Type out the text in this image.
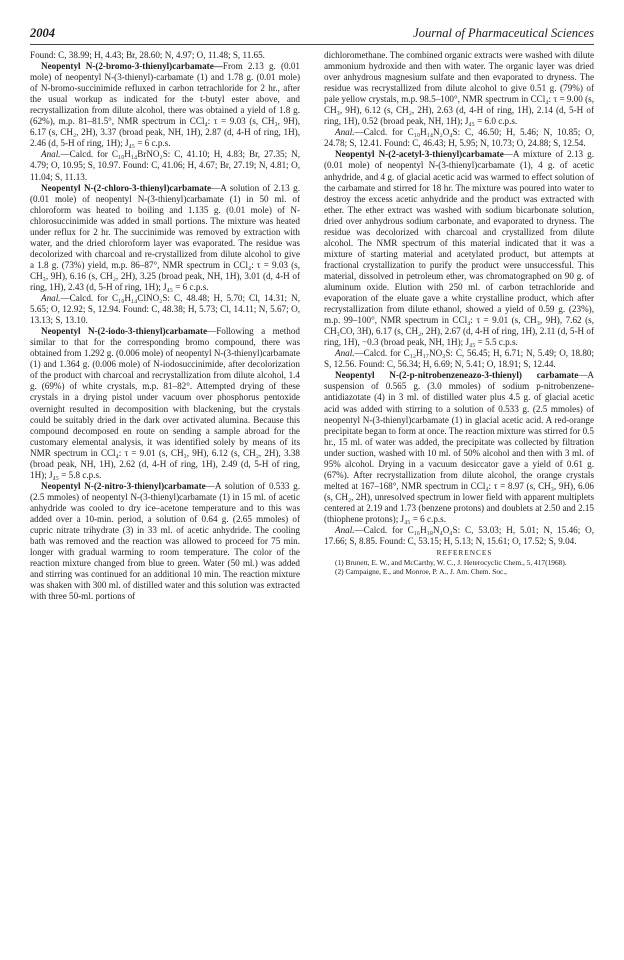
2004	Journal of Pharmaceutical Sciences

Found: C, 38.99; H, 4.43; Br, 28.60; N, 4.97; O, 11.48; S, 11.65.

Neopentyl N-(2-bromo-3-thienyl)carbamate—From 2.13 g. (0.01 mole) of neopentyl N-(3-thienyl)-carbamate (1) and 1.78 g. (0.01 mole) of N-bromo-succinimide refluxed in carbon tetrachloride for 2 hr., after the usual workup as indicated for the t-butyl ester above, and recrystallization from dilute alcohol, there was obtained a yield of 1.8 g. (62%), m.p. 81–81.5°, NMR spectrum in CCl₄: τ = 9.03 (s, CH₃, 9H), 6.17 (s, CH₂, 2H), 3.37 (broad peak, NH, 1H), 2.87 (d, 4-H of ring, 1H), 2.46 (d, 5-H of ring, 1H); J₄₅ = 6 c.p.s.

Anal.—Calcd. for C₁₀H₁₄BrNO₂S: C, 41.10; H, 4.83; Br, 27.35; N, 4.79; O, 10.95; S, 10.97. Found: C, 41.06; H, 4.67; Br, 27.19; N, 4.81; O, 11.04; S, 11.13.

Neopentyl N-(2-chloro-3-thienyl)carbamate—A solution of 2.13 g. (0.01 mole) of neopentyl N-(3-thienyl)carbamate (1) in 50 ml. of chloroform was heated to boiling and 1.135 g. (0.01 mole) of N-chlorosuccinimide was added in small portions. The mixture was heated under reflux for 2 hr. The succinimide was removed by extraction with water, and the dried chloroform layer was evaporated. The residue was decolorized with charcoal and re-crystallized from dilute alcohol to give a 1.8 g. (73%) yield, m.p. 86–87°, NMR spectrum in CCl₄: τ = 9.03 (s, CH₃, 9H), 6.16 (s, CH₂, 2H), 3.25 (broad peak, NH, 1H), 3.01 (d, 4-H of ring, 1H), 2.43 (d, 5-H of ring, 1H); J₄₅ = 6 c.p.s.

Anal.—Calcd. for C₁₀H₁₄ClNO₂S: C, 48.48; H, 5.70; Cl, 14.31; N, 5.65; O, 12.92; S, 12.94. Found: C, 48.38; H, 5.73; Cl, 14.11; N, 5.67; O, 13.13; S, 13.10.

Neopentyl N-(2-iodo-3-thienyl)carbamate—Following a method similar to that for the corresponding bromo compound, there was obtained from 1.292 g. (0.006 mole) of neopentyl N-(3-thienyl)carbamate (1) and 1.364 g. (0.006 mole) of N-iodosuccinimide, after decolorization of the product with charcoal and recrystallization from dilute alcohol, 1.4 g. (69%) of white crystals, m.p. 81–82°. Attempted drying of these crystals in a drying pistol under vacuum over phosphorus pentoxide overnight resulted in decomposition with blackening, but the crystals could be suitably dried in the dark over activated alumina. Because this compound decomposed en route on sending a sample abroad for the customary elemental analysis, it was identified solely by means of its NMR spectrum in CCl₄: τ = 9.01 (s, CH₃, 9H), 6.12 (s, CH₂, 2H), 3.38 (broad peak, NH, 1H), 2.62 (d, 4-H of ring, 1H), 2.49 (d, 5-H of ring, 1H); J₄₅ = 5.8 c.p.s.

Neopentyl N-(2-nitro-3-thienyl)carbamate—A solution of 0.533 g. (2.5 mmoles) of neopentyl N-(3-thienyl)carbamate (1) in 15 ml. of acetic anhydride was cooled to dry ice–acetone temperature and to this was added over a 10-min. period, a solution of 0.64 g. (2.65 mmoles) of cupric nitrate trihydrate (3) in 33 ml. of acetic anhydride. The cooling bath was removed and the reaction was allowed to proceed for 75 min. longer with gradual warming to room temperature. The color of the reaction mixture changed from blue to green. Water (50 ml.) was added and stirring was continued for an additional 10 min. The reaction mixture was shaken with 300 ml. of distilled water and this solution was extracted with three 50-ml. portions of

dichloromethane. The combined organic extracts were washed with dilute ammonium hydroxide and then with water. The organic layer was dried over anhydrous magnesium sulfate and then evaporated to dryness. The residue was recrystallized from dilute alcohol to give 0.51 g. (79%) of pale yellow crystals, m.p. 98.5–100°, NMR spectrum in CCl₄: τ = 9.00 (s, CH₃, 9H), 6.12 (s, CH₂, 2H), 2.63 (d, 4-H of ring, 1H), 2.14 (d, 5-H of ring, 1H), 0.52 (broad peak, NH, 1H); J₄₅ = 6.0 c.p.s.

Anal.—Calcd. for C₁₀H₁₄N₂O₄S: C, 46.50; H, 5.46; N, 10.85; O, 24.78; S, 12.41. Found: C, 46.43; H, 5.95; N, 10.73; O, 24.88; S, 12.54.

Neopentyl N-(2-acetyl-3-thienyl)carbamate—A mixture of 2.13 g. (0.01 mole) of neopentyl N-(3-thienyl)carbamate (1), 4 g. of acetic anhydride, and 4 g. of glacial acetic acid was warmed to effect solution of the carbamate and stirred for 18 hr. The mixture was poured into water to destroy the excess acetic anhydride and the product was extracted with ether. The ether extract was washed with sodium bicarbonate solution, dried over anhydrous sodium carbonate, and evaporated to dryness. The residue was decolorized with charcoal and crystallized from dilute alcohol. The NMR spectrum of this material indicated that it was a mixture of starting material and acetylated product, but attempts at fractional crystallization to purify the product were unsuccessful. This material, dissolved in petroleum ether, was chromatographed on 90 g. of aluminum oxide. Elution with 250 ml. of carbon tetrachloride and evaporation of the eluate gave a white crystalline product, which after recrystallization from dilute ethanol, showed a yield of 0.59 g. (23%), m.p. 99–100°, NMR spectrum in CCl₄: τ = 9.01 (s, CH₃, 9H), 7.62 (s, CH₃CO, 3H), 6.17 (s, CH₂, 2H), 2.67 (d, 4-H of ring, 1H), 2.11 (d, 5-H of ring, 1H), −0.3 (broad peak, NH, 1H); J₄₅ = 5.5 c.p.s.

Anal.—Calcd. for C₁₂H₁₇NO₃S: C, 56.45; H, 6.71; N, 5.49; O, 18.80; S, 12.56. Found: C, 56.34; H, 6.69; N, 5.41; O, 18.91; S, 12.44.

Neopentyl N-(2-p-nitrobenzeneazo-3-thienyl) carbamate—A suspension of 0.565 g. (3.0 mmoles) of sodium p-nitrobenzene-antidiazotate (4) in 3 ml. of distilled water plus 4.5 g. of glacial acetic acid was added with stirring to a solution of 0.533 g. (2.5 mmoles) of neopentyl N-(3-thienyl)carbamate (1) in glacial acetic acid. A red-orange precipitate began to form at once. The reaction mixture was stirred for 0.5 hr., 15 ml. of water was added, the precipitate was collected by filtration under suction, washed with 10 ml. of 50% alcohol and then with 3 ml. of 95% alcohol. Drying in a vacuum desiccator gave a yield of 0.61 g. (67%). After recrystallization from dilute alcohol, the orange crystals melted at 167–168°, NMR spectrum in CCl₄: τ = 8.97 (s, CH₃, 9H), 6.06 (s, CH₂, 2H), unresolved spectrum in lower field with apparent multiplets centered at 2.19 and 1.73 (benzene protons) and doublets at 2.50 and 2.15 (thiophene protons); J₄₅ = 6 c.p.s.

Anal.—Calcd. for C₁₆H₁₈N₄O₄S: C, 53.03; H, 5.01; N, 15.46; O, 17.66; S, 8.85. Found: C, 53.15; H, 5.13; N, 15.61; O, 17.52; S, 9.04.

REFERENCES

(1) Brunett, E. W., and McCarthy, W. C., J. Heterocyclic Chem., 5, 417(1968).

(2) Campaigne, E., and Monroe, P. A., J. Am. Chem. Soc.,
